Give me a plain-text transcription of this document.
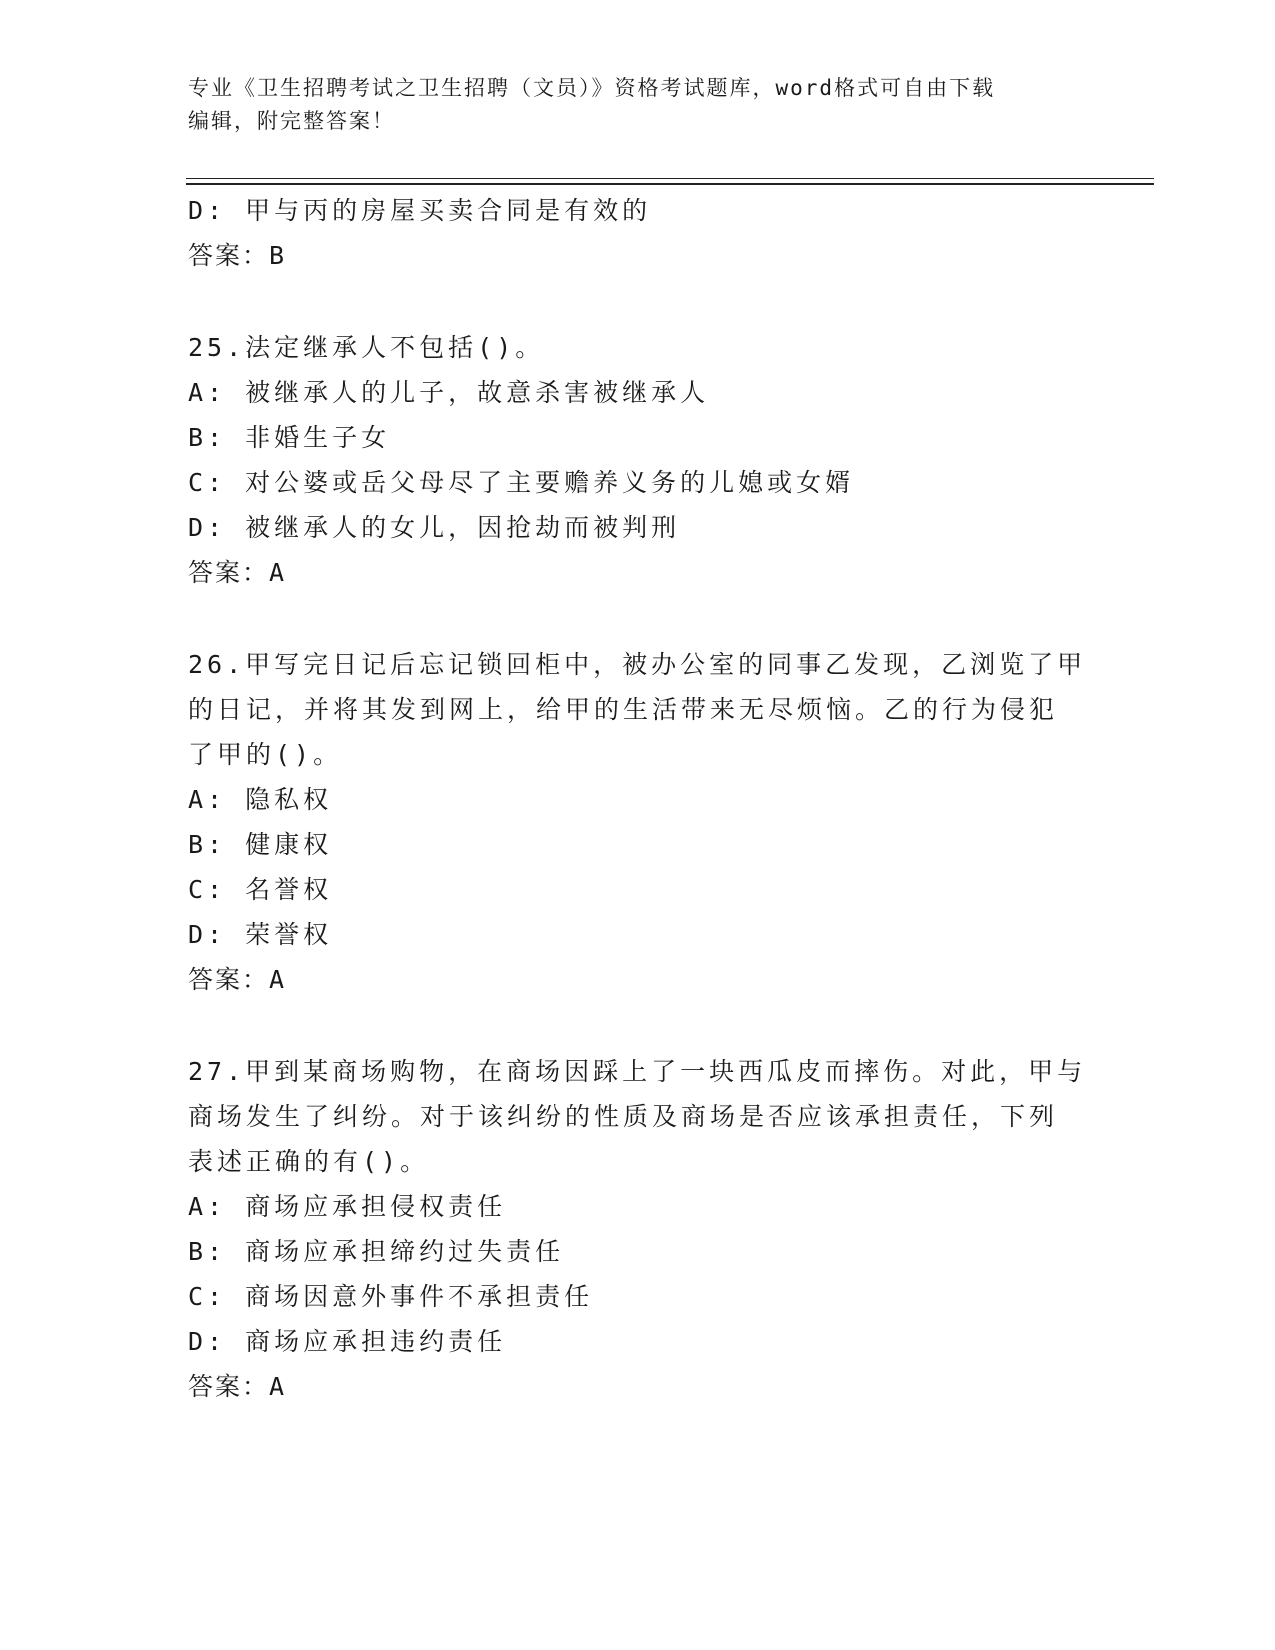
专业《卫生招聘考试之卫生招聘（文员）》资格考试题库，word格式可自由下载
编辑，附完整答案！
D: 甲与丙的房屋买卖合同是有效的
答案：B
25.法定继承人不包括()。
A: 被继承人的儿子，故意杀害被继承人
B: 非婚生子女
C: 对公婆或岳父母尽了主要赡养义务的儿媳或女婿
D: 被继承人的女儿，因抢劫而被判刑
答案：A
26.甲写完日记后忘记锁回柜中，被办公室的同事乙发现，乙浏览了甲
的日记，并将其发到网上，给甲的生活带来无尽烦恼。乙的行为侵犯
了甲的()。
A: 隐私权
B: 健康权
C: 名誉权
D: 荣誉权
答案：A
27.甲到某商场购物，在商场因踩上了一块西瓜皮而摔伤。对此，甲与
商场发生了纠纷。对于该纠纷的性质及商场是否应该承担责任，下列
表述正确的有()。
A: 商场应承担侵权责任
B: 商场应承担缔约过失责任
C: 商场因意外事件不承担责任
D: 商场应承担违约责任
答案：A
